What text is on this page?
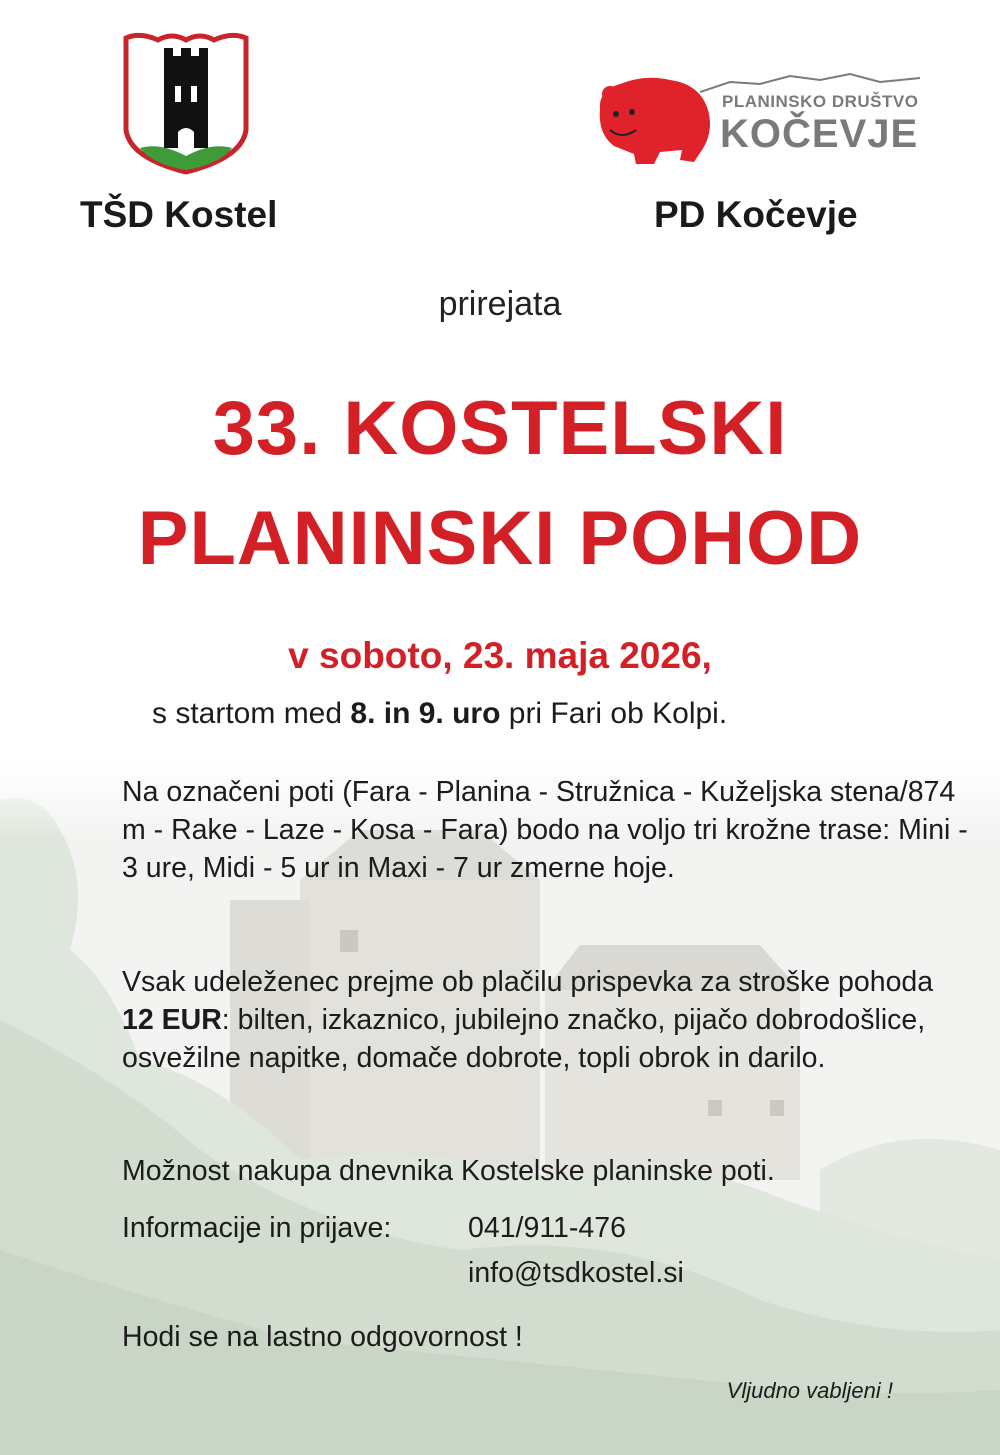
TŠD Kostel
PLANINSKO DRUŠTVO
KOČEVJE
PD Kočevje
prirejata
33. KOSTELSKI
PLANINSKI POHOD
v soboto, 23. maja 2026,
s startom med 8. in 9. uro pri Fari ob Kolpi.
Na označeni poti (Fara - Planina - Stružnica - Kuželjska stena/874 m - Rake - Laze - Kosa - Fara) bodo na voljo tri krožne trase: Mini - 3 ure, Midi - 5 ur in Maxi - 7 ur zmerne hoje.
Vsak udeleženec prejme ob plačilu prispevka za stroške pohoda 12 EUR: bilten, izkaznico, jubilejno značko, pijačo dobrodošlice, osvežilne napitke, domače dobrote, topli obrok in darilo.
Možnost nakupa dnevnika Kostelske planinske poti.
Informacije in prijave:	041/911-476
info@tsdkostel.si
Hodi se na lastno odgovornost !
Vljudno vabljeni !
